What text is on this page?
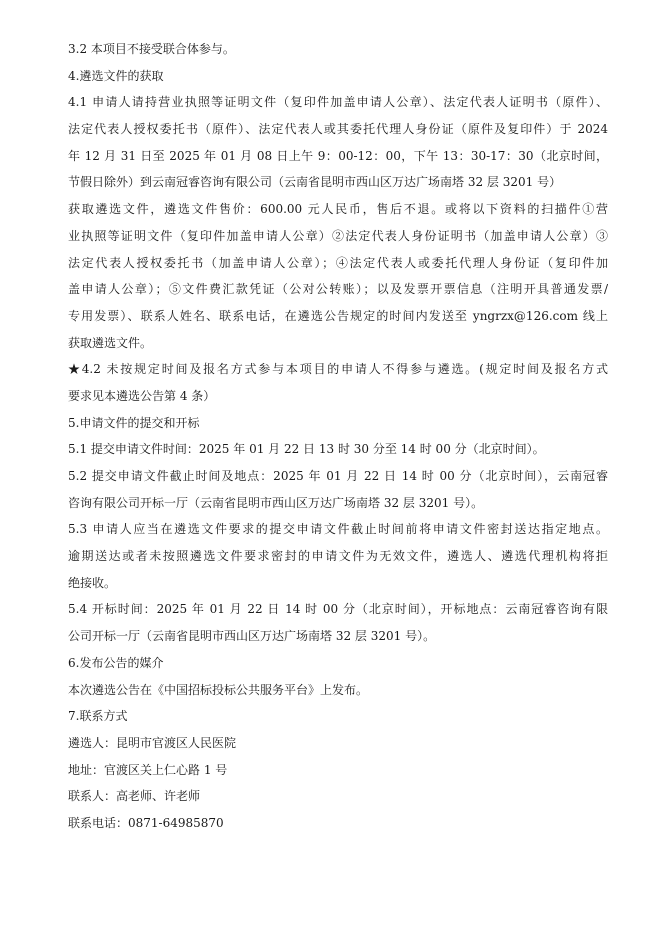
3.2 本项目不接受联合体参与。
4.遴选文件的获取
4.1 申请人请持营业执照等证明文件（复印件加盖申请人公章）、法定代表人证明书（原件）、
法定代表人授权委托书（原件）、法定代表人或其委托代理人身份证（原件及复印件）于 2024
年 12 月 31 日至 2025 年 01 月 08 日上午 9：00-12：00，下午 13：30-17：30（北京时间，
节假日除外）到云南冠睿咨询有限公司（云南省昆明市西山区万达广场南塔 32 层 3201 号）
获取遴选文件，遴选文件售价：600.00 元人民币，售后不退。或将以下资料的扫描件①营
业执照等证明文件（复印件加盖申请人公章）②法定代表人身份证明书（加盖申请人公章）③
法定代表人授权委托书（加盖申请人公章）；④法定代表人或委托代理人身份证（复印件加
盖申请人公章）；⑤文件费汇款凭证（公对公转账）；以及发票开票信息（注明开具普通发票/
专用发票）、联系人姓名、联系电话，在遴选公告规定的时间内发送至 yngrzx@126.com 线上
获取遴选文件。
★4.2 未按规定时间及报名方式参与本项目的申请人不得参与遴选。(规定时间及报名方式
要求见本遴选公告第 4 条）
5.申请文件的提交和开标
5.1 提交申请文件时间：2025 年 01 月 22 日 13 时 30 分至 14 时 00 分（北京时间）。
5.2 提交申请文件截止时间及地点：2025 年 01 月 22 日 14 时 00 分（北京时间），云南冠睿
咨询有限公司开标一厅（云南省昆明市西山区万达广场南塔 32 层 3201 号）。
5.3 申请人应当在遴选文件要求的提交申请文件截止时间前将申请文件密封送达指定地点。
逾期送达或者未按照遴选文件要求密封的申请文件为无效文件，遴选人、遴选代理机构将拒
绝接收。
5.4 开标时间：2025 年 01 月 22 日 14 时 00 分（北京时间），开标地点：云南冠睿咨询有限
公司开标一厅（云南省昆明市西山区万达广场南塔 32 层 3201 号）。
6.发布公告的媒介
本次遴选公告在《中国招标投标公共服务平台》上发布。
7.联系方式
遴选人：昆明市官渡区人民医院
地址：官渡区关上仁心路 1 号
联系人：高老师、许老师
联系电话：0871-64985870
